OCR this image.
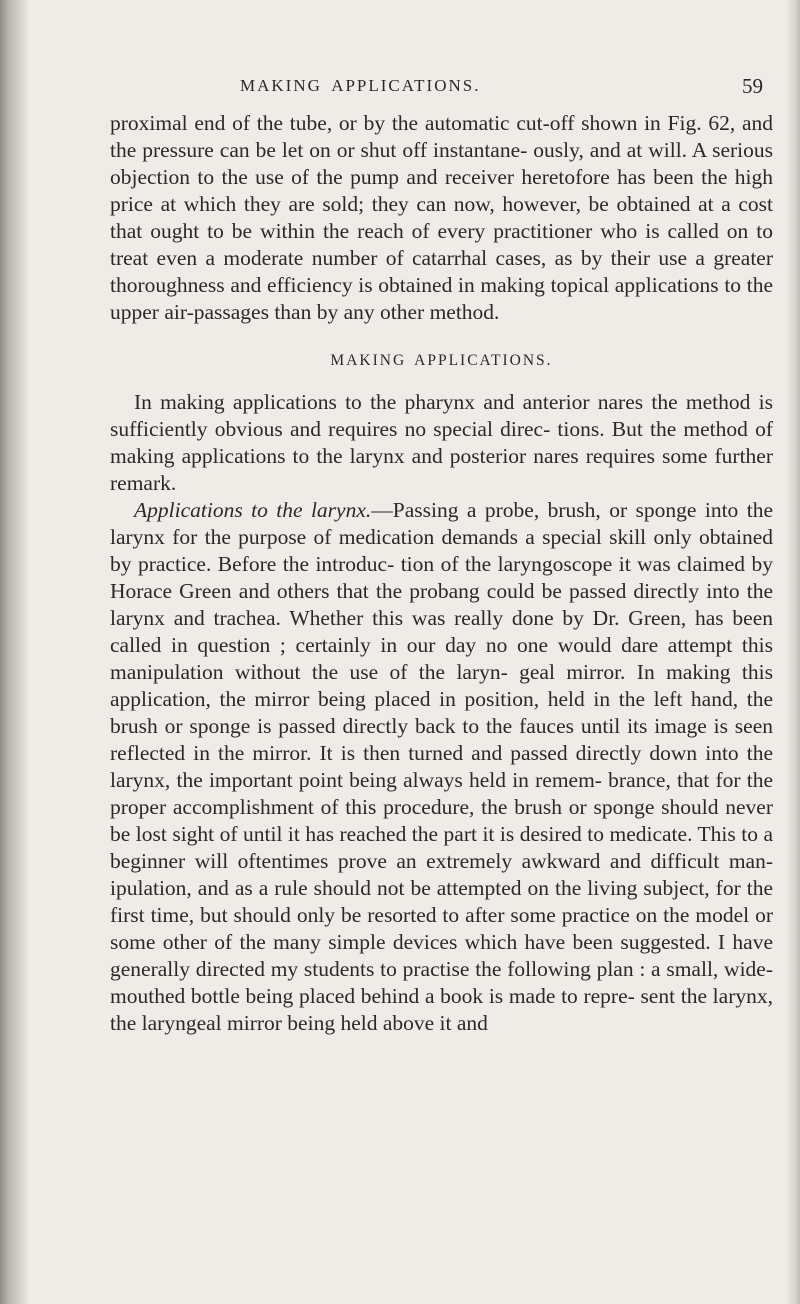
MAKING APPLICATIONS.	59

proximal end of the tube, or by the automatic cut-off shown in Fig. 62, and the pressure can be let on or shut off instantane- ously, and at will. A serious objection to the use of the pump and receiver heretofore has been the high price at which they are sold; they can now, however, be obtained at a cost that ought to be within the reach of every practitioner who is called on to treat even a moderate number of catarrhal cases, as by their use a greater thoroughness and efficiency is obtained in making topical applications to the upper air-passages than by any other method.

MAKING APPLICATIONS.

In making applications to the pharynx and anterior nares the method is sufficiently obvious and requires no special direc- tions. But the method of making applications to the larynx and posterior nares requires some further remark.

Applications to the larynx.—Passing a probe, brush, or sponge into the larynx for the purpose of medication demands a special skill only obtained by practice. Before the introduc- tion of the laryngoscope it was claimed by Horace Green and others that the probang could be passed directly into the larynx and trachea. Whether this was really done by Dr. Green, has been called in question ; certainly in our day no one would dare attempt this manipulation without the use of the laryn- geal mirror. In making this application, the mirror being placed in position, held in the left hand, the brush or sponge is passed directly back to the fauces until its image is seen reflected in the mirror. It is then turned and passed directly down into the larynx, the important point being always held in remem- brance, that for the proper accomplishment of this procedure, the brush or sponge should never be lost sight of until it has reached the part it is desired to medicate. This to a beginner will oftentimes prove an extremely awkward and difficult man- ipulation, and as a rule should not be attempted on the living subject, for the first time, but should only be resorted to after some practice on the model or some other of the many simple devices which have been suggested. I have generally directed my students to practise the following plan : a small, wide- mouthed bottle being placed behind a book is made to repre- sent the larynx, the laryngeal mirror being held above it and
